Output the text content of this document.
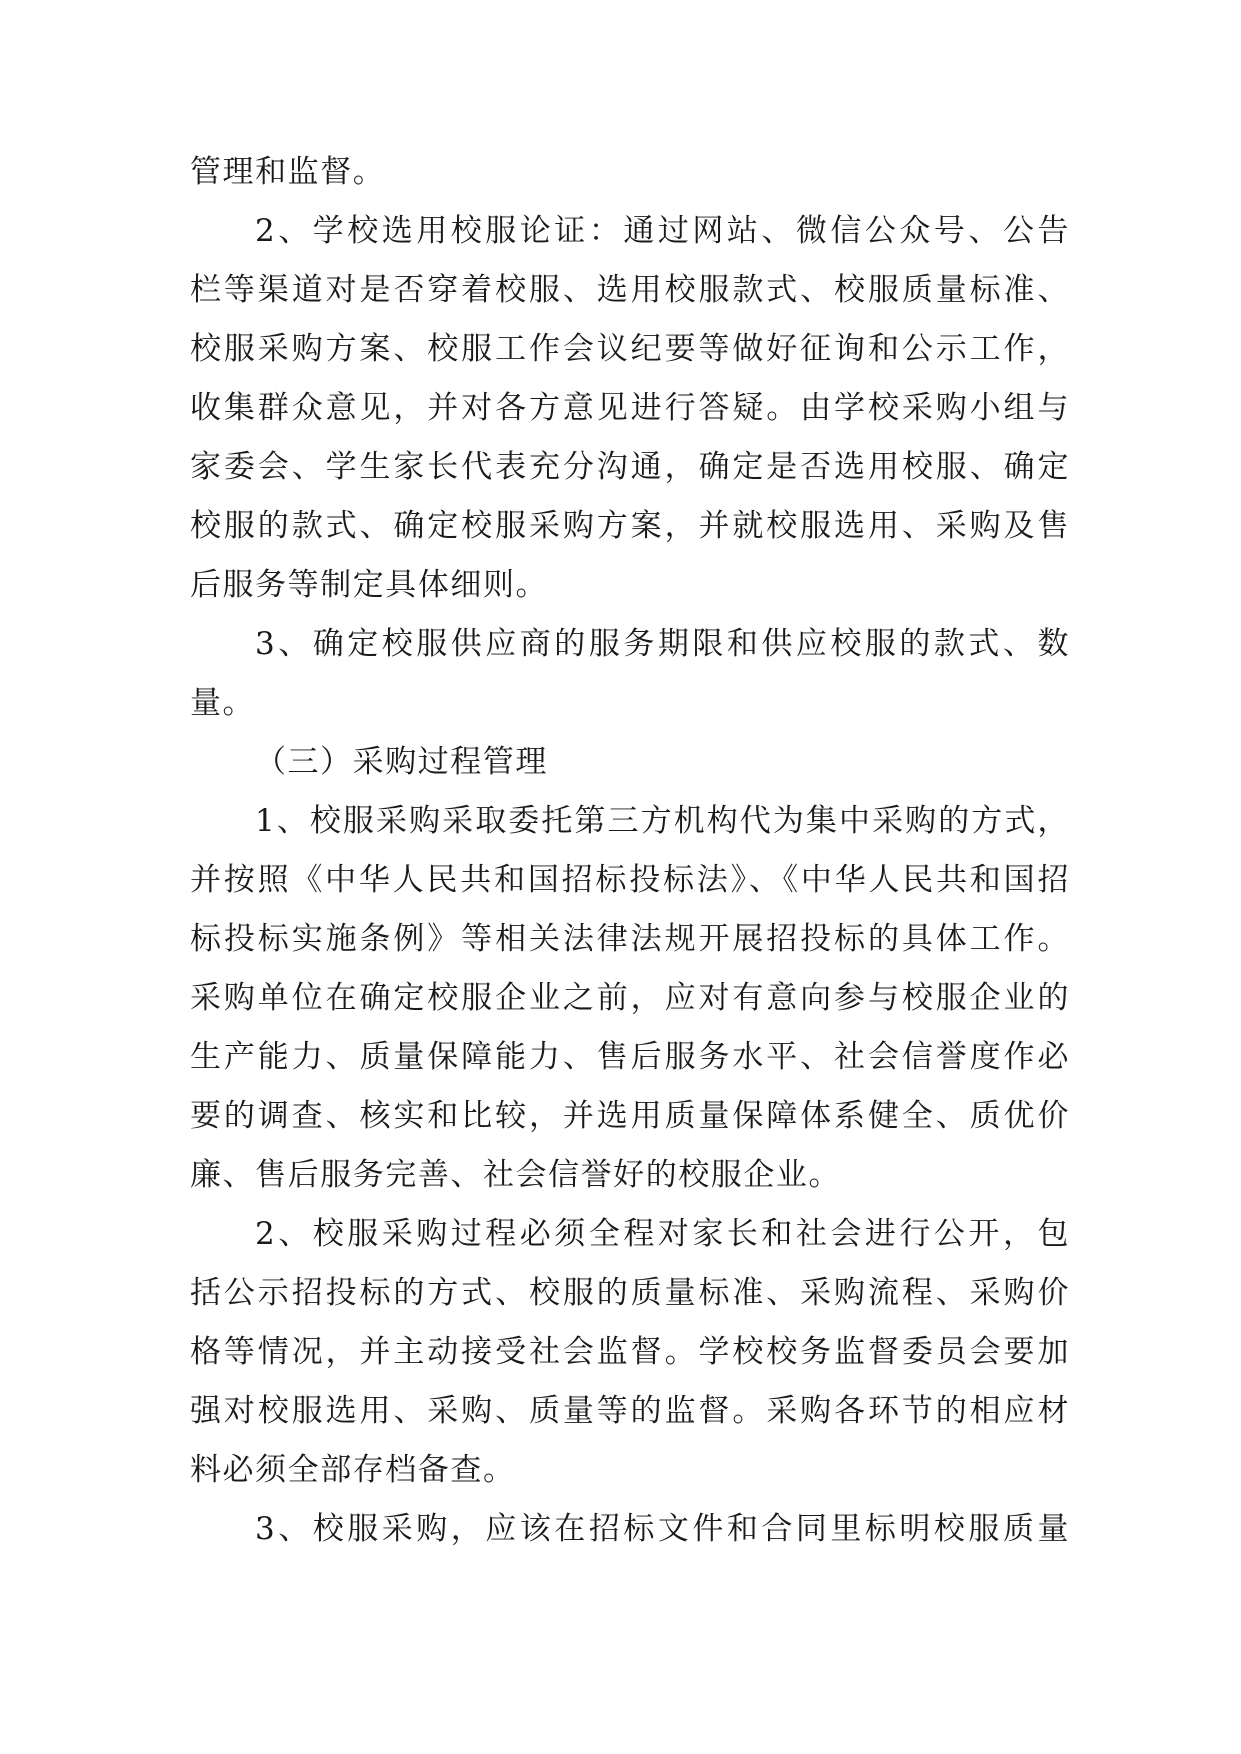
管理和监督。
2、学校选用校服论证：通过网站、微信公众号、公告
栏等渠道对是否穿着校服、选用校服款式、校服质量标准、
校服采购方案、校服工作会议纪要等做好征询和公示工作，
收集群众意见，并对各方意见进行答疑。由学校采购小组与
家委会、学生家长代表充分沟通，确定是否选用校服、确定
校服的款式、确定校服采购方案，并就校服选用、采购及售
后服务等制定具体细则。
3、确定校服供应商的服务期限和供应校服的款式、数
量。
（三）采购过程管理
1、校服采购采取委托第三方机构代为集中采购的方式，
并按照《中华人民共和国招标投标法》、《中华人民共和国招
标投标实施条例》等相关法律法规开展招投标的具体工作。
采购单位在确定校服企业之前，应对有意向参与校服企业的
生产能力、质量保障能力、售后服务水平、社会信誉度作必
要的调查、核实和比较，并选用质量保障体系健全、质优价
廉、售后服务完善、社会信誉好的校服企业。
2、校服采购过程必须全程对家长和社会进行公开，包
括公示招投标的方式、校服的质量标准、采购流程、采购价
格等情况，并主动接受社会监督。学校校务监督委员会要加
强对校服选用、采购、质量等的监督。采购各环节的相应材
料必须全部存档备查。
3、校服采购，应该在招标文件和合同里标明校服质量
